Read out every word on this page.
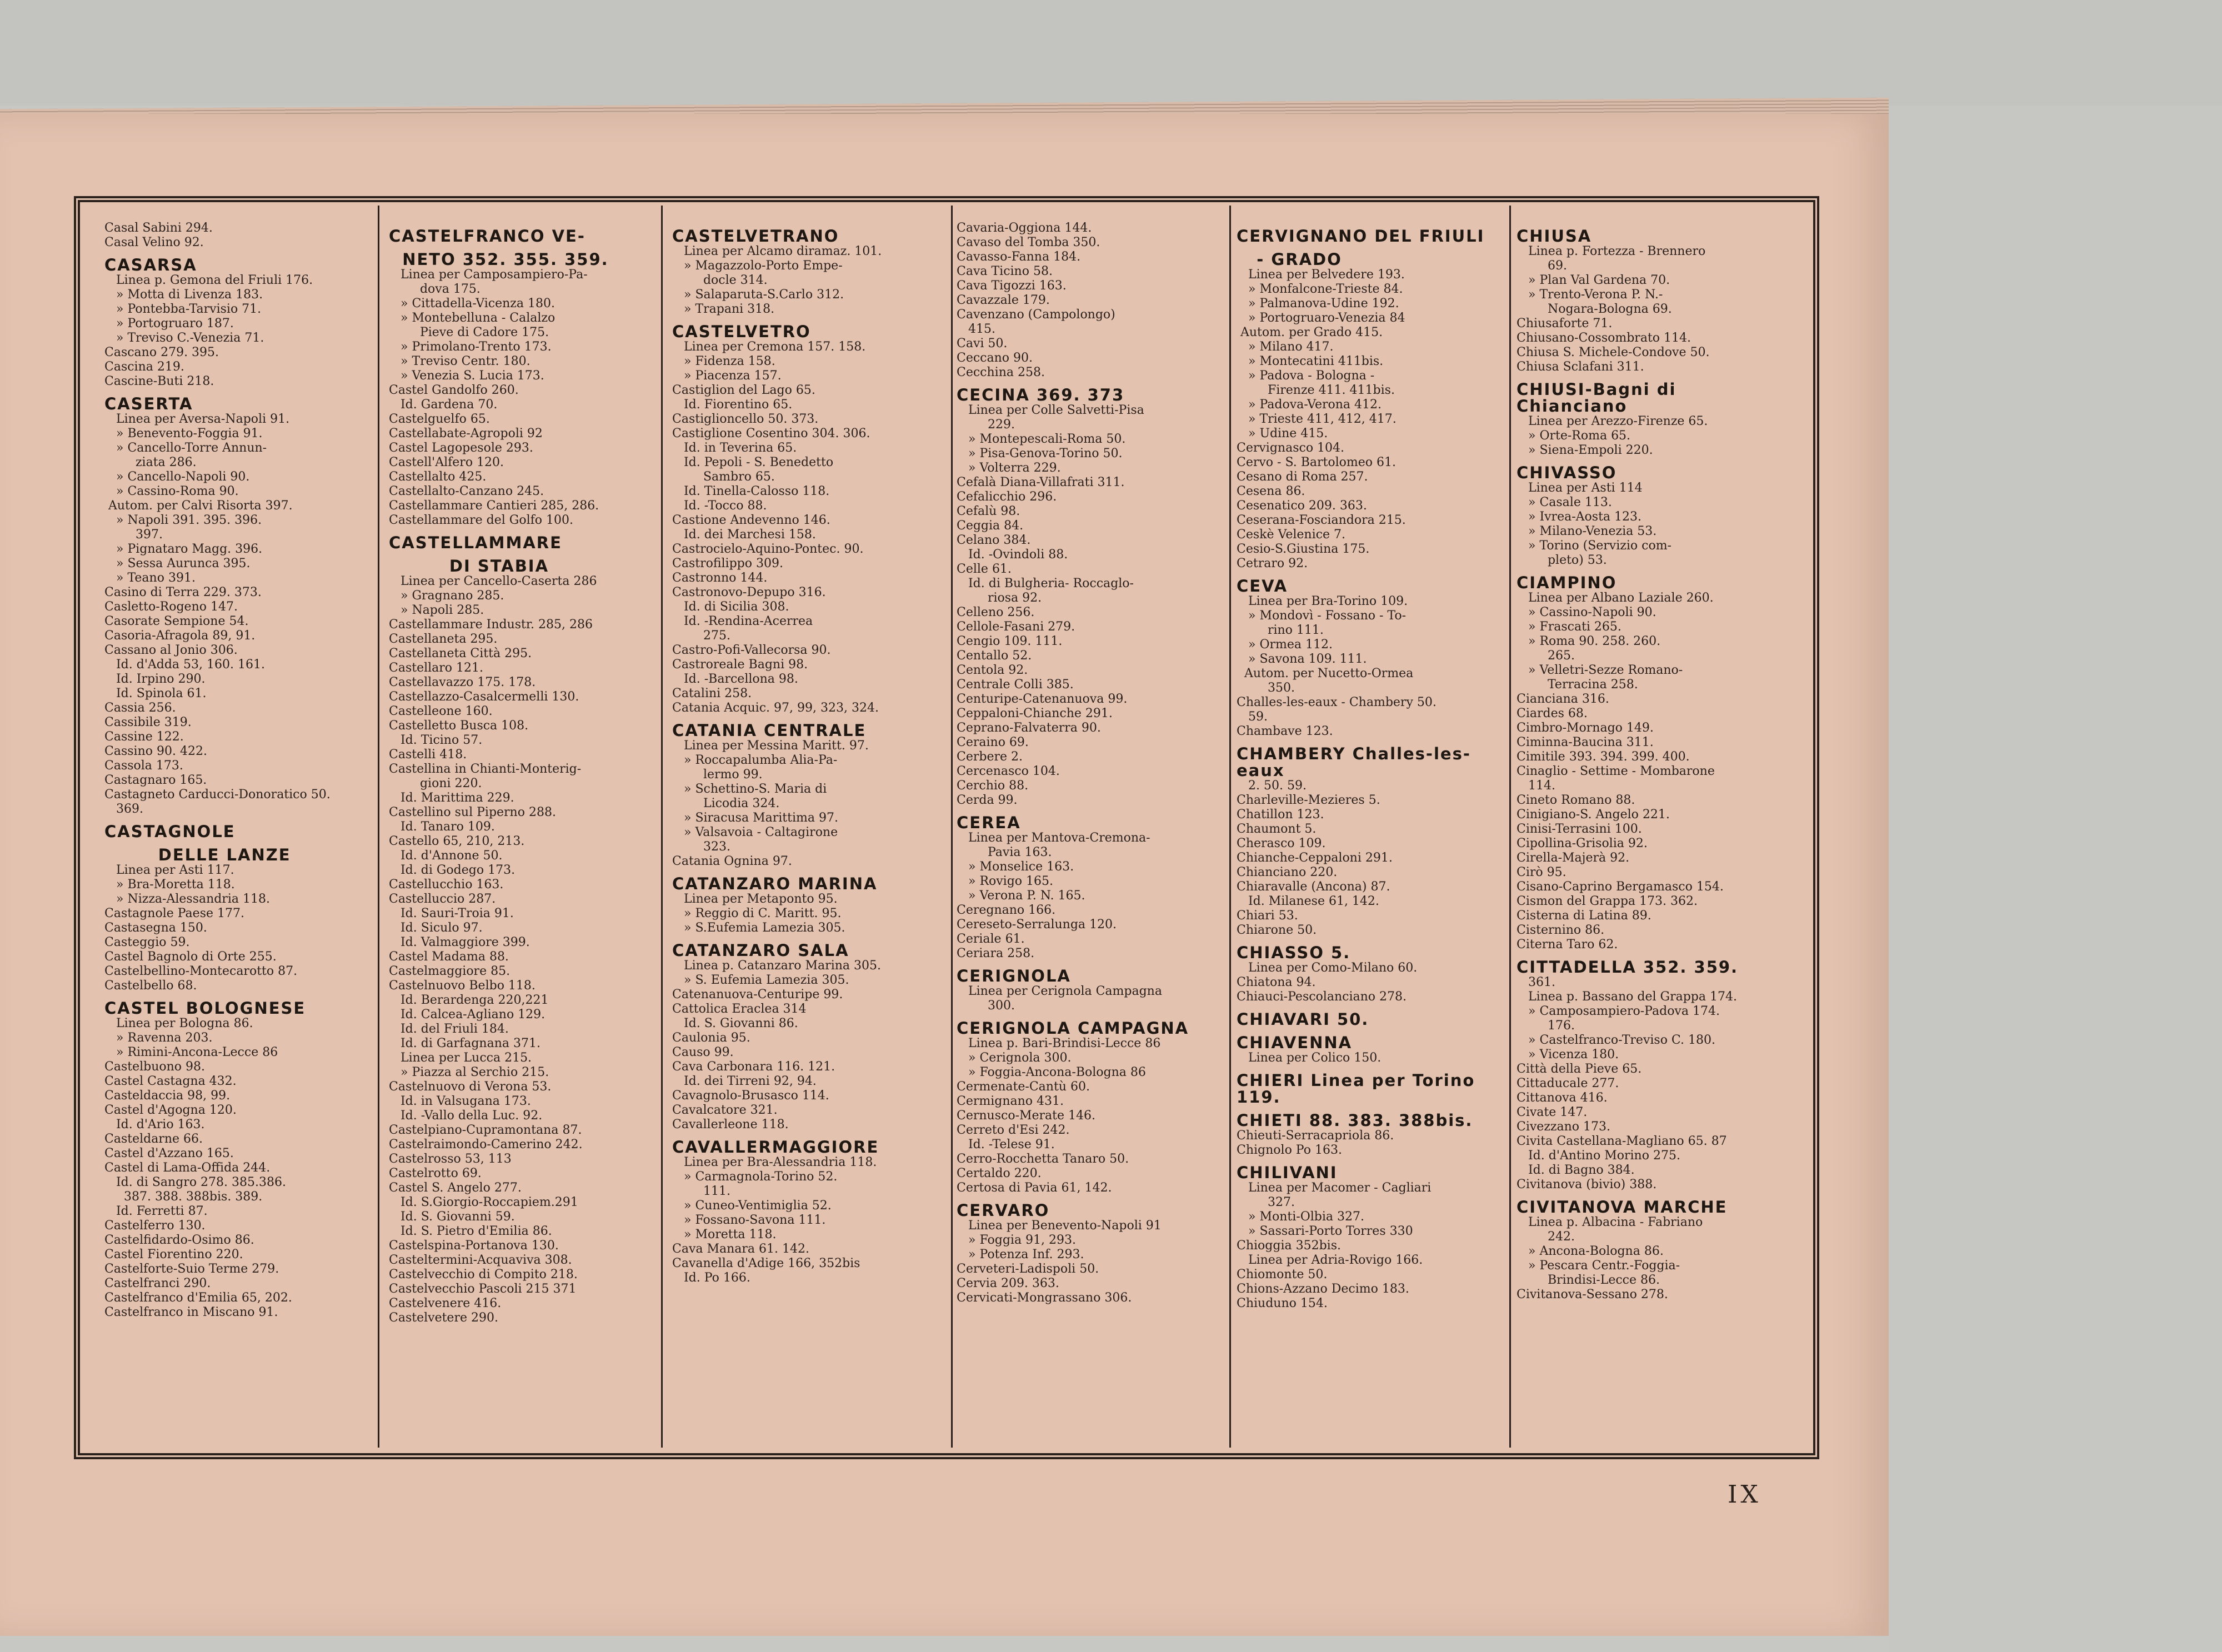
Casal Sabini 294.
Casal Velino 92.
CASARSA
Linea p. Gemona del Friuli 176.
» Motta di Livenza 183.
» Pontebba-Tarvisio 71.
» Portogruaro 187.
» Treviso C.-Venezia 71.
Cascano 279. 395.
Cascina 219.
Cascine-Buti 218.
CASERTA
Linea per Aversa-Napoli 91.
» Benevento-Foggia 91.
» Cancello-Torre Annun-
ziata 286.
» Cancello-Napoli 90.
» Cassino-Roma 90.
Autom. per Calvi Risorta 397.
» Napoli 391. 395. 396.
397.
» Pignataro Magg. 396.
» Sessa Aurunca 395.
» Teano 391.
Casino di Terra 229. 373.
Casletto-Rogeno 147.
Casorate Sempione 54.
Casoria-Afragola 89, 91.
Cassano al Jonio 306.
Id. d'Adda 53, 160. 161.
Id. Irpino 290.
Id. Spinola 61.
Cassia 256.
Cassibile 319.
Cassine 122.
Cassino 90. 422.
Cassola 173.
Castagnaro 165.
Castagneto Carducci-Donoratico 50.
369.
CASTAGNOLE
DELLE LANZE
Linea per Asti 117.
» Bra-Moretta 118.
» Nizza-Alessandria 118.
Castagnole Paese 177.
Castasegna 150.
Casteggio 59.
Castel Bagnolo di Orte 255.
Castelbellino-Montecarotto 87.
Castelbello 68.
CASTEL BOLOGNESE
Linea per Bologna 86.
» Ravenna 203.
» Rimini-Ancona-Lecce 86
Castelbuono 98.
Castel Castagna 432.
Casteldaccia 98, 99.
Castel d'Agogna 120.
Id. d'Ario 163.
Casteldarne 66.
Castel d'Azzano 165.
Castel di Lama-Offida 244.
Id. di Sangro 278. 385.386.
387. 388. 388bis. 389.
Id. Ferretti 87.
Castelferro 130.
Castelfidardo-Osimo 86.
Castel Fiorentino 220.
Castelforte-Suio Terme 279.
Castelfranci 290.
Castelfranco d'Emilia 65, 202.
Castelfranco in Miscano 91.
CASTELFRANCO VE-
NETO 352. 355. 359.
Linea per Camposampiero-Pa-
dova 175.
» Cittadella-Vicenza 180.
» Montebelluna - Calalzo
Pieve di Cadore 175.
» Primolano-Trento 173.
» Treviso Centr. 180.
» Venezia S. Lucia 173.
Castel Gandolfo 260.
Id. Gardena 70.
Castelguelfo 65.
Castellabate-Agropoli 92
Castel Lagopesole 293.
Castell'Alfero 120.
Castellalto 425.
Castellalto-Canzano 245.
Castellammare Cantieri 285, 286.
Castellammare del Golfo 100.
CASTELLAMMARE
DI STABIA
Linea per Cancello-Caserta 286
» Gragnano 285.
» Napoli 285.
Castellammare Industr. 285, 286
Castellaneta 295.
Castellaneta Città 295.
Castellaro 121.
Castellavazzo 175. 178.
Castellazzo-Casalcermelli 130.
Castelleone 160.
Castelletto Busca 108.
Id. Ticino 57.
Castelli 418.
Castellina in Chianti-Monterig-
gioni 220.
Id. Marittima 229.
Castellino sul Piperno 288.
Id. Tanaro 109.
Castello 65, 210, 213.
Id. d'Annone 50.
Id. di Godego 173.
Castellucchio 163.
Castelluccio 287.
Id. Sauri-Troia 91.
Id. Siculo 97.
Id. Valmaggiore 399.
Castel Madama 88.
Castelmaggiore 85.
Castelnuovo Belbo 118.
Id. Berardenga 220,221
Id. Calcea-Agliano 129.
Id. del Friuli 184.
Id. di Garfagnana 371.
Linea per Lucca 215.
» Piazza al Serchio 215.
Castelnuovo di Verona 53.
Id. in Valsugana 173.
Id. -Vallo della Luc. 92.
Castelpiano-Cupramontana 87.
Castelraimondo-Camerino 242.
Castelrosso 53, 113
Castelrotto 69.
Castel S. Angelo 277.
Id. S.Giorgio-Roccapiem.291
Id. S. Giovanni 59.
Id. S. Pietro d'Emilia 86.
Castelspina-Portanova 130.
Casteltermini-Acquaviva 308.
Castelvecchio di Compito 218.
Castelvecchio Pascoli 215 371
Castelvenere 416.
Castelvetere 290.
CASTELVETRANO
Linea per Alcamo diramaz. 101.
» Magazzolo-Porto Empe-
docle 314.
» Salaparuta-S.Carlo 312.
» Trapani 318.
CASTELVETRO
Linea per Cremona 157. 158.
» Fidenza 158.
» Piacenza 157.
Castiglion del Lago 65.
Id. Fiorentino 65.
Castiglioncello 50. 373.
Castiglione Cosentino 304. 306.
Id. in Teverina 65.
Id. Pepoli - S. Benedetto
Sambro 65.
Id. Tinella-Calosso 118.
Id. -Tocco 88.
Castione Andevenno 146.
Id. dei Marchesi 158.
Castrocielo-Aquino-Pontec. 90.
Castrofilippo 309.
Castronno 144.
Castronovo-Depupo 316.
Id. di Sicilia 308.
Id. -Rendina-Acerrea
275.
Castro-Pofi-Vallecorsa 90.
Castroreale Bagni 98.
Id. -Barcellona 98.
Catalini 258.
Catania Acquic. 97, 99, 323, 324.
CATANIA CENTRALE
Linea per Messina Maritt. 97.
» Roccapalumba Alia-Pa-
lermo 99.
» Schettino-S. Maria di
Licodia 324.
» Siracusa Marittima 97.
» Valsavoia - Caltagirone
323.
Catania Ognina 97.
CATANZARO MARINA
Linea per Metaponto 95.
» Reggio di C. Maritt. 95.
» S.Eufemia Lamezia 305.
CATANZARO SALA
Linea p. Catanzaro Marina 305.
» S. Eufemia Lamezia 305.
Catenanuova-Centuripe 99.
Cattolica Eraclea 314
Id. S. Giovanni 86.
Caulonia 95.
Causo 99.
Cava Carbonara 116. 121.
Id. dei Tirreni 92, 94.
Cavagnolo-Brusasco 114.
Cavalcatore 321.
Cavallerleone 118.
CAVALLERMAGGIORE
Linea per Bra-Alessandria 118.
» Carmagnola-Torino 52.
111.
» Cuneo-Ventimiglia 52.
» Fossano-Savona 111.
» Moretta 118.
Cava Manara 61. 142.
Cavanella d'Adige 166, 352bis
Id. Po 166.
Cavaria-Oggiona 144.
Cavaso del Tomba 350.
Cavasso-Fanna 184.
Cava Ticino 58.
Cava Tigozzi 163.
Cavazzale 179.
Cavenzano (Campolongo)
415.
Cavi 50.
Ceccano 90.
Cecchina 258.
CECINA 369. 373
Linea per Colle Salvetti-Pisa
229.
» Montepescali-Roma 50.
» Pisa-Genova-Torino 50.
» Volterra 229.
Cefalà Diana-Villafrati 311.
Cefalicchio 296.
Cefalù 98.
Ceggia 84.
Celano 384.
Id. -Ovindoli 88.
Celle 61.
Id. di Bulgheria- Roccaglo-
riosa 92.
Celleno 256.
Cellole-Fasani 279.
Cengio 109. 111.
Centallo 52.
Centola 92.
Centrale Colli 385.
Centuripe-Catenanuova 99.
Ceppaloni-Chianche 291.
Ceprano-Falvaterra 90.
Ceraino 69.
Cerbere 2.
Cercenasco 104.
Cerchio 88.
Cerda 99.
CEREA
Linea per Mantova-Cremona-
Pavia 163.
» Monselice 163.
» Rovigo 165.
» Verona P. N. 165.
Ceregnano 166.
Cereseto-Serralunga 120.
Ceriale 61.
Ceriara 258.
CERIGNOLA
Linea per Cerignola Campagna
300.
CERIGNOLA CAMPAGNA
Linea p. Bari-Brindisi-Lecce 86
» Cerignola 300.
» Foggia-Ancona-Bologna 86
Cermenate-Cantù 60.
Cermignano 431.
Cernusco-Merate 146.
Cerreto d'Esi 242.
Id. -Telese 91.
Cerro-Rocchetta Tanaro 50.
Certaldo 220.
Certosa di Pavia 61, 142.
CERVARO
Linea per Benevento-Napoli 91
» Foggia 91, 293.
» Potenza Inf. 293.
Cerveteri-Ladispoli 50.
Cervia 209. 363.
Cervicati-Mongrassano 306.
CERVIGNANO DEL FRIULI
- GRADO
Linea per Belvedere 193.
» Monfalcone-Trieste 84.
» Palmanova-Udine 192.
» Portogruaro-Venezia 84
Autom. per Grado 415.
» Milano 417.
» Montecatini 411bis.
» Padova - Bologna -
Firenze 411. 411bis.
» Padova-Verona 412.
» Trieste 411, 412, 417.
» Udine 415.
Cervignasco 104.
Cervo - S. Bartolomeo 61.
Cesano di Roma 257.
Cesena 86.
Cesenatico 209. 363.
Ceserana-Fosciandora 215.
Ceskè Velenice 7.
Cesio-S.Giustina 175.
Cetraro 92.
CEVA
Linea per Bra-Torino 109.
» Mondovì - Fossano - To-
rino 111.
» Ormea 112.
» Savona 109. 111.
Autom. per Nucetto-Ormea
350.
Challes-les-eaux - Chambery 50.
59.
Chambave 123.
CHAMBERY Challes-les-eaux
2. 50. 59.
Charleville-Mezieres 5.
Chatillon 123.
Chaumont 5.
Cherasco 109.
Chianche-Ceppaloni 291.
Chianciano 220.
Chiaravalle (Ancona) 87.
Id. Milanese 61, 142.
Chiari 53.
Chiarone 50.
CHIASSO 5.
Linea per Como-Milano 60.
Chiatona 94.
Chiauci-Pescolanciano 278.
CHIAVARI 50.
CHIAVENNA
Linea per Colico 150.
CHIERI Linea per Torino 119.
CHIETI 88. 383. 388bis.
Chieuti-Serracapriola 86.
Chignolo Po 163.
CHILIVANI
Linea per Macomer - Cagliari
327.
» Monti-Olbia 327.
» Sassari-Porto Torres 330
Chioggia 352bis.
Linea per Adria-Rovigo 166.
Chiomonte 50.
Chions-Azzano Decimo 183.
Chiuduno 154.
CHIUSA
Linea p. Fortezza - Brennero
69.
» Plan Val Gardena 70.
» Trento-Verona P. N.-
Nogara-Bologna 69.
Chiusaforte 71.
Chiusano-Cossombrato 114.
Chiusa S. Michele-Condove 50.
Chiusa Sclafani 311.
CHIUSI-Bagni di Chianciano
Linea per Arezzo-Firenze 65.
» Orte-Roma 65.
» Siena-Empoli 220.
CHIVASSO
Linea per Asti 114
» Casale 113.
» Ivrea-Aosta 123.
» Milano-Venezia 53.
» Torino (Servizio com-
pleto) 53.
CIAMPINO
Linea per Albano Laziale 260.
» Cassino-Napoli 90.
» Frascati 265.
» Roma 90. 258. 260.
265.
» Velletri-Sezze Romano-
Terracina 258.
Cianciana 316.
Ciardes 68.
Cimbro-Mornago 149.
Ciminna-Baucina 311.
Cimitile 393. 394. 399. 400.
Cinaglio - Settime - Mombarone
114.
Cineto Romano 88.
Cinigiano-S. Angelo 221.
Cinisi-Terrasini 100.
Cipollina-Grisolia 92.
Cirella-Majerà 92.
Cirò 95.
Cisano-Caprino Bergamasco 154.
Cismon del Grappa 173. 362.
Cisterna di Latina 89.
Cisternino 86.
Citerna Taro 62.
CITTADELLA 352. 359.
361.
Linea p. Bassano del Grappa 174.
» Camposampiero-Padova 174.
176.
» Castelfranco-Treviso C. 180.
» Vicenza 180.
Città della Pieve 65.
Cittaducale 277.
Cittanova 416.
Civate 147.
Civezzano 173.
Civita Castellana-Magliano 65. 87
Id. d'Antino Morino 275.
Id. di Bagno 384.
Civitanova (bivio) 388.
CIVITANOVA MARCHE
Linea p. Albacina - Fabriano
242.
» Ancona-Bologna 86.
» Pescara Centr.-Foggia-
Brindisi-Lecce 86.
Civitanova-Sessano 278.
IX
